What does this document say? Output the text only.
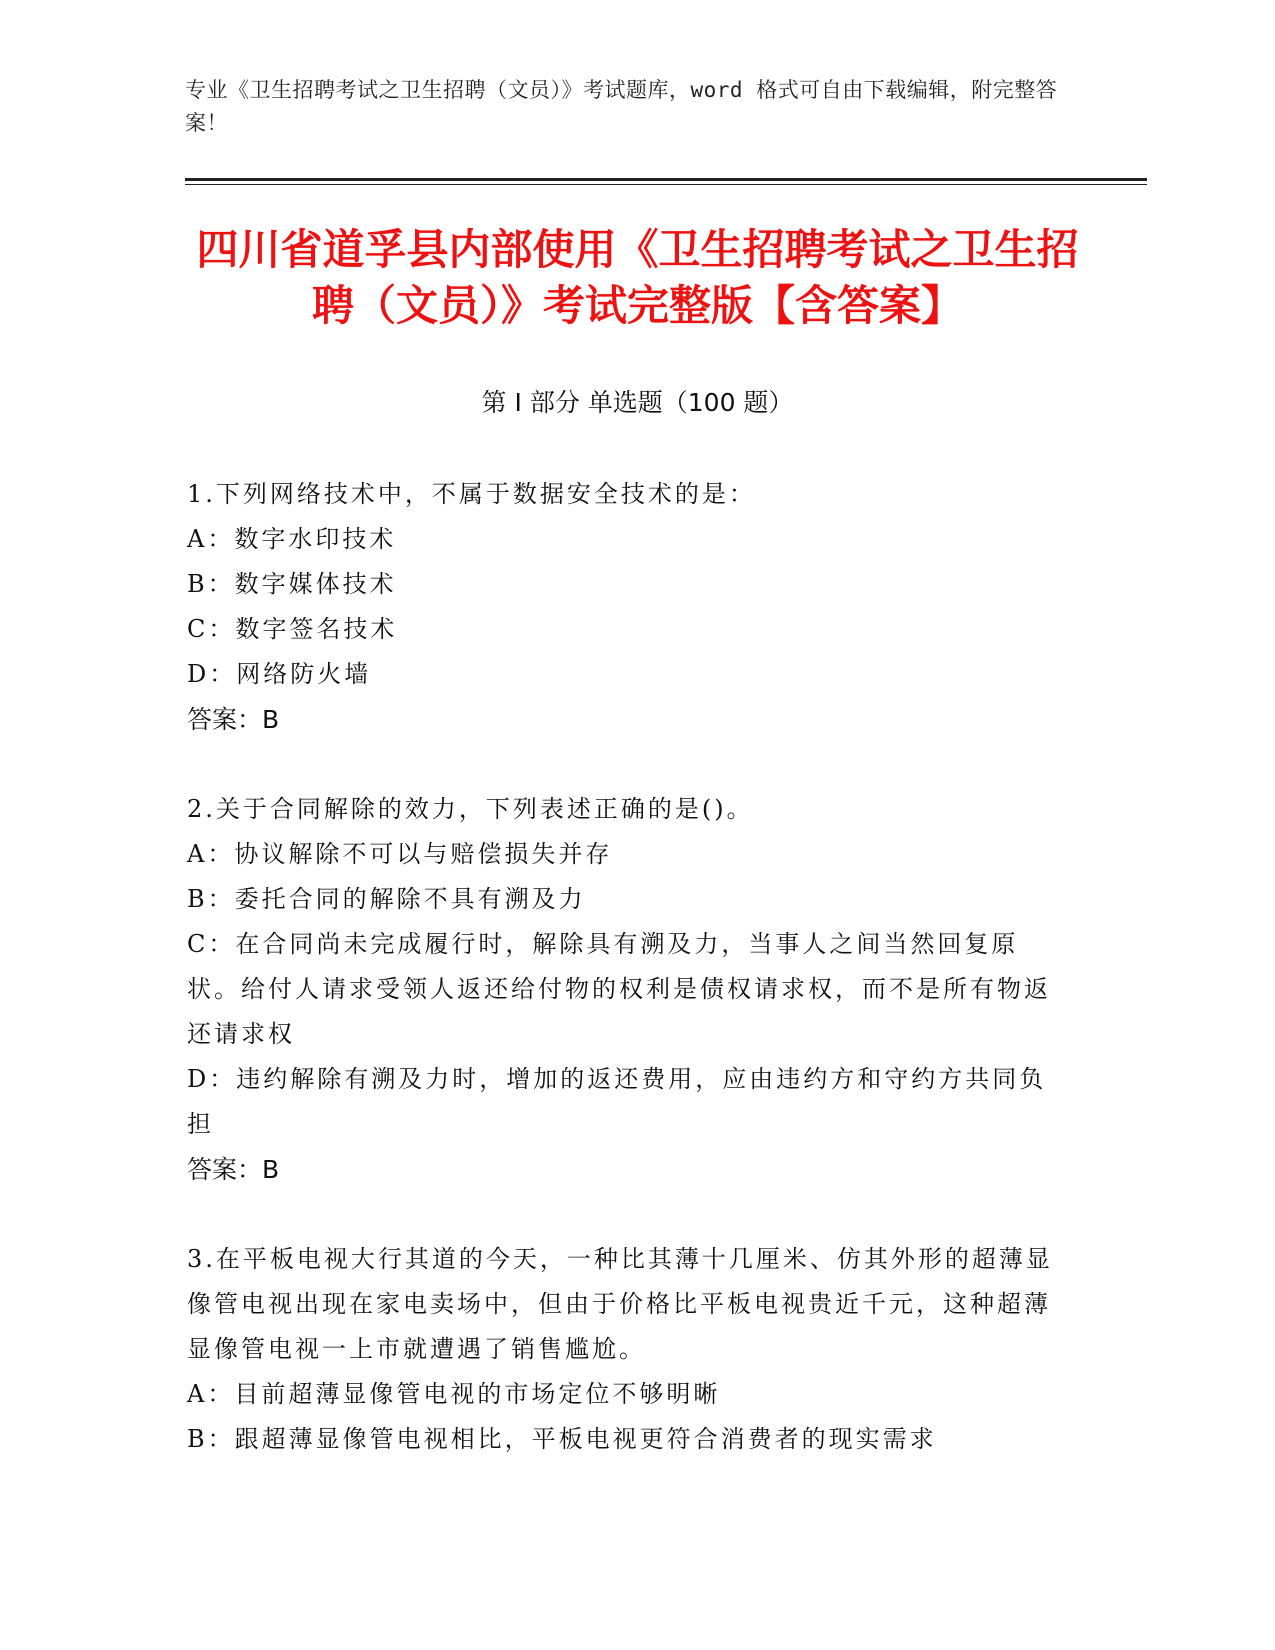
专业《卫生招聘考试之卫生招聘（文员）》考试题库，word 格式可自由下载编辑，附完整答案！
四川省道孚县内部使用《卫生招聘考试之卫生招聘（文员）》考试完整版【含答案】
第 I 部分 单选题（100 题）
1.下列网络技术中，不属于数据安全技术的是：
A：数字水印技术
B：数字媒体技术
C：数字签名技术
D：网络防火墙
答案：B
2.关于合同解除的效力，下列表述正确的是()。
A：协议解除不可以与赔偿损失并存
B：委托合同的解除不具有溯及力
C：在合同尚未完成履行时，解除具有溯及力，当事人之间当然回复原状。给付人请求受领人返还给付物的权利是债权请求权，而不是所有物返还请求权
D：违约解除有溯及力时，增加的返还费用，应由违约方和守约方共同负担
答案：B
3.在平板电视大行其道的今天，一种比其薄十几厘米、仿其外形的超薄显像管电视出现在家电卖场中，但由于价格比平板电视贵近千元，这种超薄显像管电视一上市就遭遇了销售尴尬。
A：目前超薄显像管电视的市场定位不够明晰
B：跟超薄显像管电视相比，平板电视更符合消费者的现实需求
